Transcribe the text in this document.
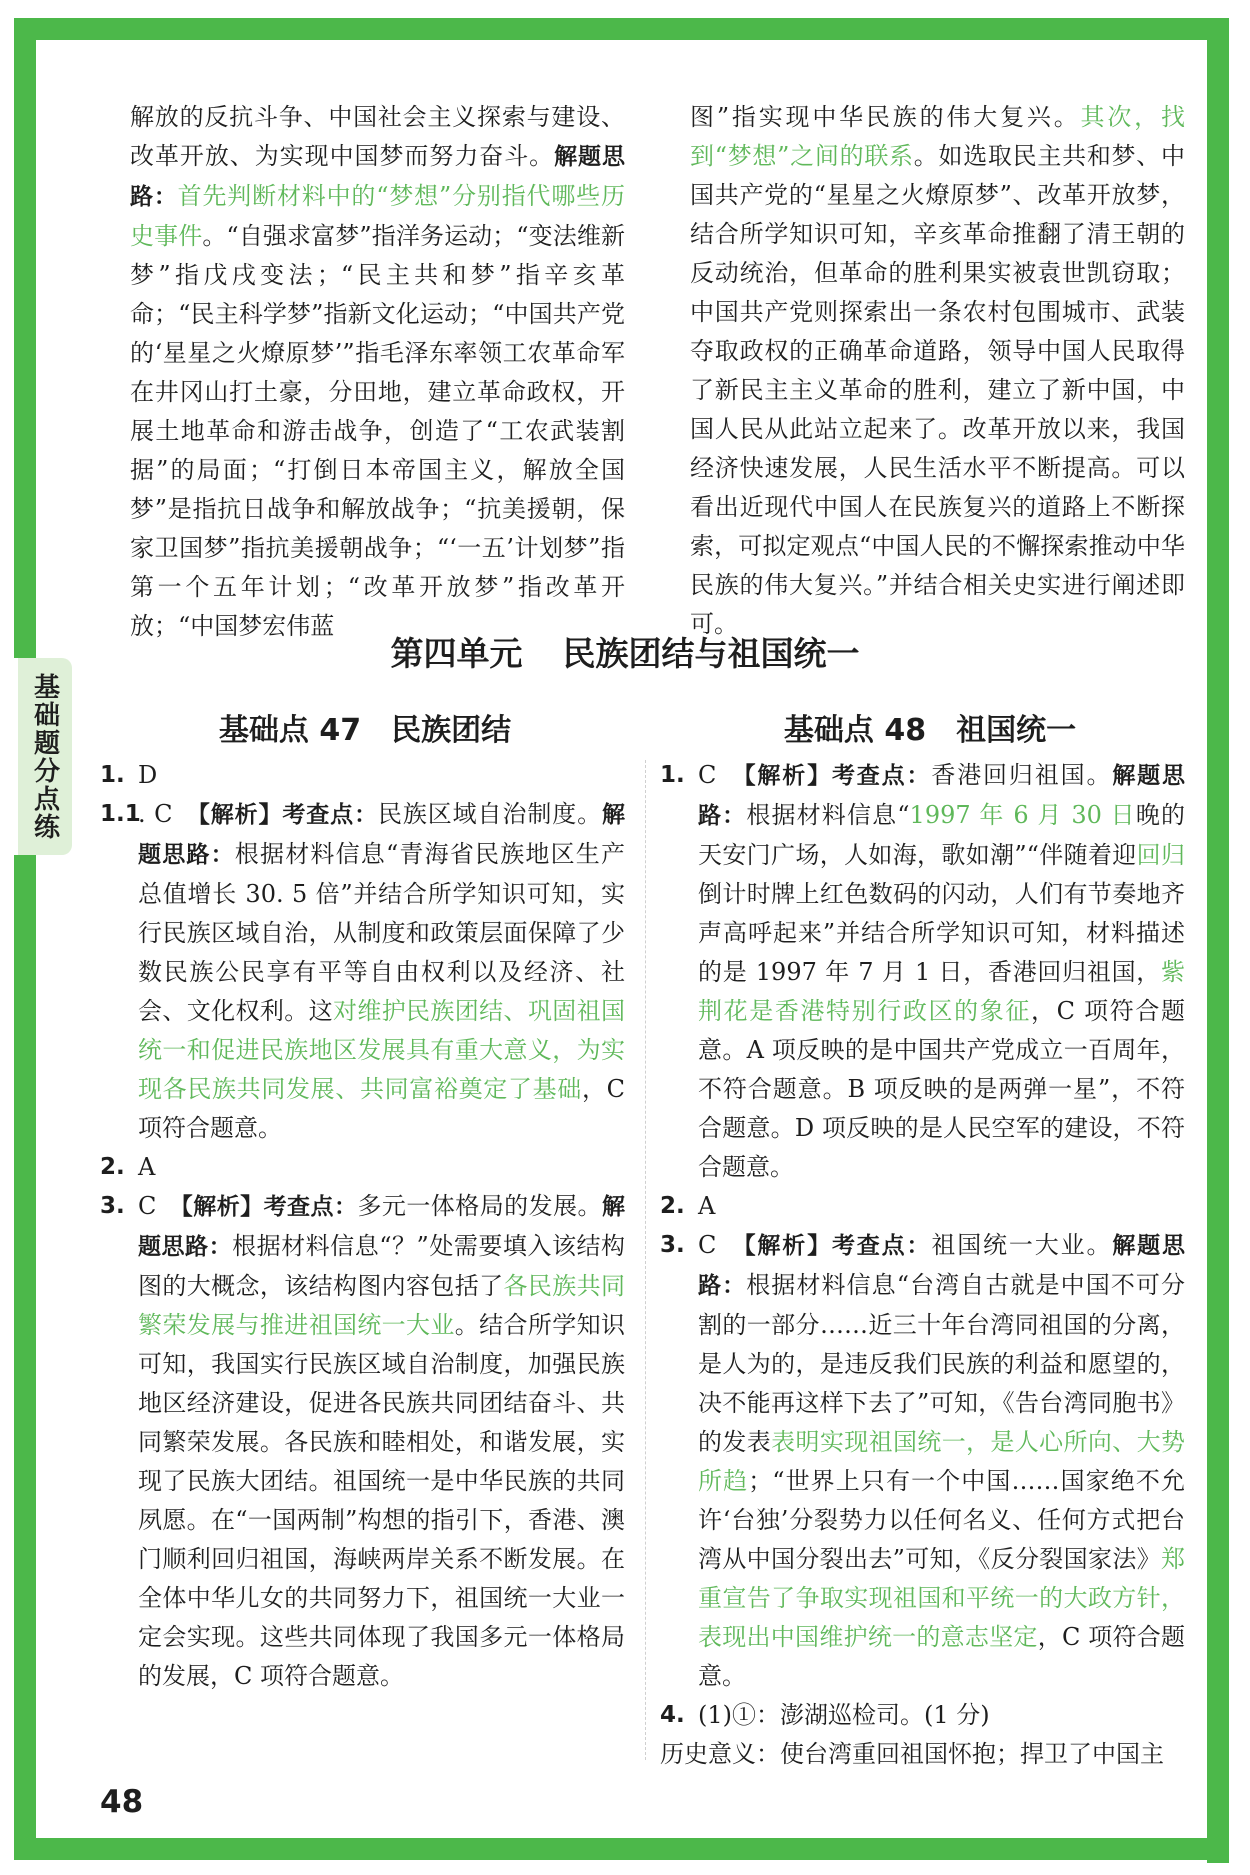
基础题分点练

解放的反抗斗争、中国社会主义探索与建设、改革开放、为实现中国梦而努力奋斗。解题思路：首先判断材料中的“梦想”分别指代哪些历史事件。“自强求富梦”指洋务运动；“变法维新梦”指戊戌变法；“民主共和梦”指辛亥革命；“民主科学梦”指新文化运动；“中国共产党的‘星星之火燎原梦’”指毛泽东率领工农革命军在井冈山打土豪，分田地，建立革命政权，开展土地革命和游击战争，创造了“工农武装割据”的局面；“打倒日本帝国主义，解放全国梦”是指抗日战争和解放战争；“抗美援朝，保家卫国梦”指抗美援朝战争；“‘一五’计划梦”指第一个五年计划；“改革开放梦”指改革开放；“中国梦宏伟蓝

图”指实现中华民族的伟大复兴。其次，找到“梦想”之间的联系。如选取民主共和梦、中国共产党的“星星之火燎原梦”、改革开放梦，结合所学知识可知，辛亥革命推翻了清王朝的反动统治，但革命的胜利果实被袁世凯窃取；中国共产党则探索出一条农村包围城市、武装夺取政权的正确革命道路，领导中国人民取得了新民主主义革命的胜利，建立了新中国，中国人民从此站立起来了。改革开放以来，我国经济快速发展，人民生活水平不断提高。可以看出近现代中国人在民族复兴的道路上不断探索，可拟定观点“中国人民的不懈探索推动中华民族的伟大复兴。”并结合相关史实进行阐述即可。

第四单元 民族团结与祖国统一
基础点 47　民族团结	基础点 48　祖国统一

1. D

1.1
. C　【解析】考查点：民族区域自治制度。解题思路：根据材料信息“青海省民族地区生产总值增长 30. 5 倍”并结合所学知识可知，实行民族区域自治，从制度和政策层面保障了少数民族公民享有平等自由权利以及经济、社会、文化权利。这对维护民族团结、巩固祖国统一和促进民族地区发展具有重大意义，为实现各民族共同发展、共同富裕奠定了基础，C 项符合题意。

2. A

3. C　【解析】考查点：多元一体格局的发展。解题思路：根据材料信息“？”处需要填入该结构图的大概念，该结构图内容包括了各民族共同繁荣发展与推进祖国统一大业。结合所学知识可知，我国实行民族区域自治制度，加强民族地区经济建设，促进各民族共同团结奋斗、共同繁荣发展。各民族和睦相处，和谐发展，实现了民族大团结。祖国统一是中华民族的共同夙愿。在“一国两制”构想的指引下，香港、澳门顺利回归祖国，海峡两岸关系不断发展。在全体中华儿女的共同努力下，祖国统一大业一定会实现。这些共同体现了我国多元一体格局的发展，C 项符合题意。

1. C　【解析】考查点：香港回归祖国。解题思路：根据材料信息“1997 年 6 月 30 日晚的天安门广场，人如海，歌如潮”“伴随着迎回归倒计时牌上红色数码的闪动，人们有节奏地齐声高呼起来”并结合所学知识可知，材料描述的是 1997 年 7 月 1 日，香港回归祖国，紫荆花是香港特别行政区的象征，C 项符合题意。A 项反映的是中国共产党成立一百周年，不符合题意。B 项反映的是两弹一星”，不符合题意。D 项反映的是人民空军的建设，不符合题意。

2. A

3. C　【解析】考查点：祖国统一大业。解题思路：根据材料信息“台湾自古就是中国不可分割的一部分……近三十年台湾同祖国的分离，是人为的，是违反我们民族的利益和愿望的，决不能再这样下去了”可知，《告台湾同胞书》的发表表明实现祖国统一，是人心所向、大势所趋；“世界上只有一个中国……国家绝不允许‘台独’分裂势力以任何名义、任何方式把台湾从中国分裂出去”可知，《反分裂国家法》郑重宣告了争取实现祖国和平统一的大政方针，表现出中国维护统一的意志坚定，C 项符合题意。

4. (1)①：澎湖巡检司。(1 分)

历史意义：使台湾重回祖国怀抱；捍卫了中国主

48
